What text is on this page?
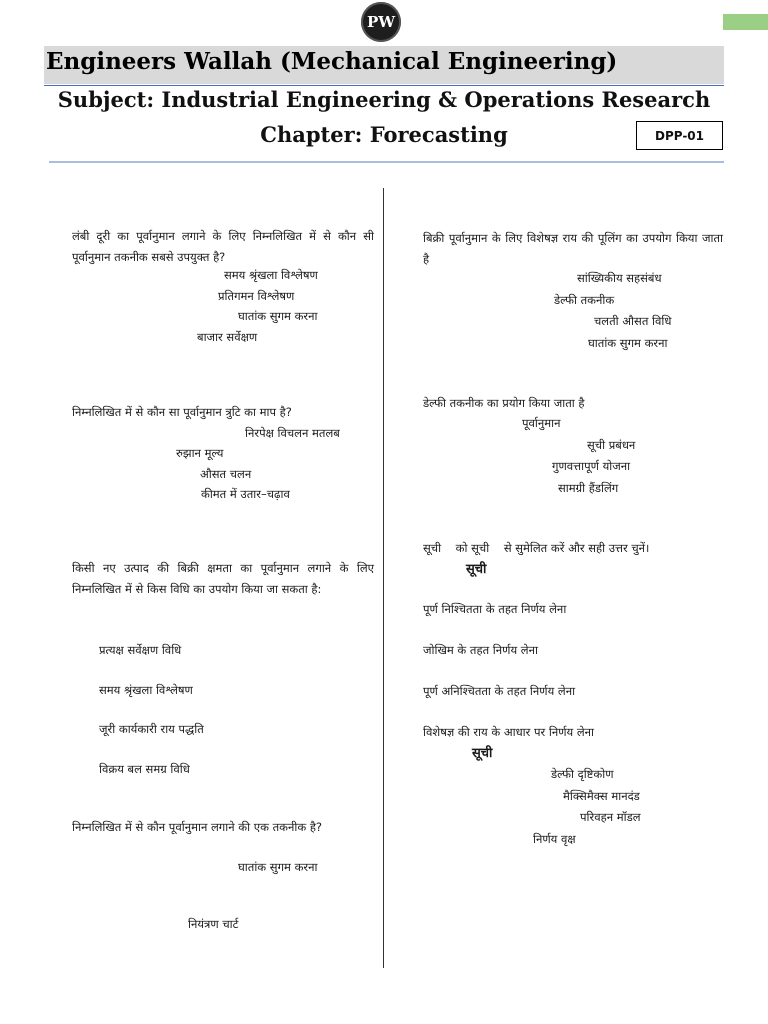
PW
Engineers Wallah (Mechanical Engineering)
Subject: Industrial Engineering & Operations Research
Chapter: Forecasting	DPP-01
लंबी दूरी का पूर्वानुमान लगाने के लिए निम्नलिखित में से कौन सी पूर्वानुमान तकनीक सबसे उपयुक्त है?
समय श्रृंखला विश्लेषण
प्रतिगमन विश्लेषण
घातांक सुगम करना
बाजार सर्वेक्षण
निम्नलिखित में से कौन सा पूर्वानुमान त्रुटि का माप है?
निरपेक्ष विचलन मतलब
रुझान मूल्य
औसत चलन
कीमत में उतार–चढ़ाव
किसी नए उत्पाद की बिक्री क्षमता का पूर्वानुमान लगाने के लिए निम्नलिखित में से किस विधि का उपयोग किया जा सकता है:
प्रत्यक्ष सर्वेक्षण विधि
समय श्रृंखला विश्लेषण
जूरी कार्यकारी राय पद्धति
विक्रय बल समग्र विधि
निम्नलिखित में से कौन पूर्वानुमान लगाने की एक तकनीक है?
घातांक सुगम करना
नियंत्रण चार्ट
बिक्री पूर्वानुमान के लिए विशेषज्ञ राय की पूलिंग का उपयोग किया जाता है
सांख्यिकीय सहसंबंध
डेल्फी तकनीक
चलती औसत विधि
घातांक सुगम करना
डेल्फी तकनीक का प्रयोग किया जाता है
पूर्वानुमान
सूची प्रबंधन
गुणवत्तापूर्ण योजना
सामग्री हैंडलिंग
सूची    को सूची    से सुमेलित करें और सही उत्तर चुनें।
सूची
पूर्ण निश्चितता के तहत निर्णय लेना
जोखिम के तहत निर्णय लेना
पूर्ण अनिश्चितता के तहत निर्णय लेना
विशेषज्ञ की राय के आधार पर निर्णय लेना
सूची
डेल्फी दृष्टिकोण
मैक्सिमैक्स मानदंड
परिवहन मॉडल
निर्णय वृक्ष
